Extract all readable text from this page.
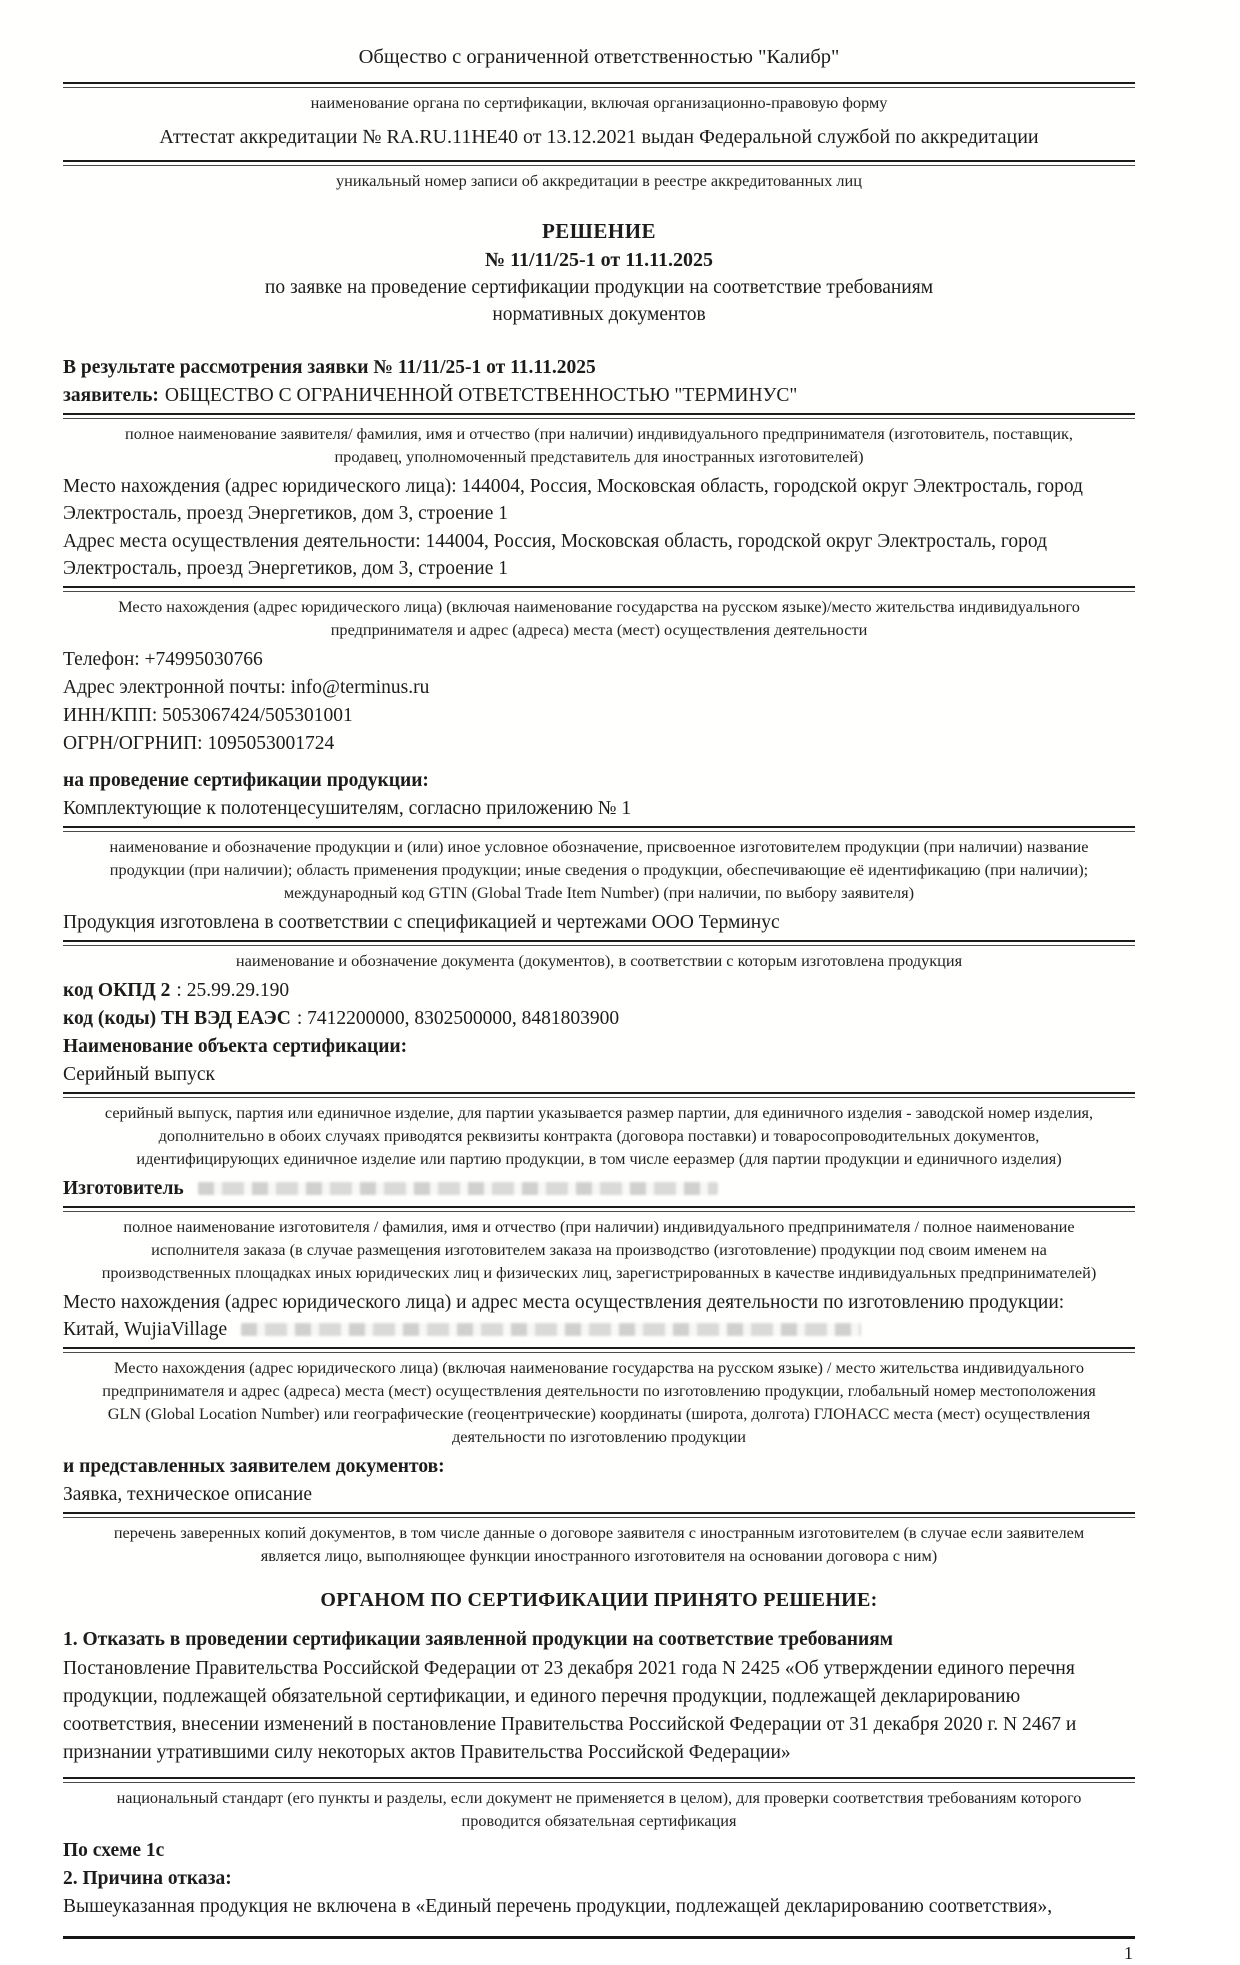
Общество с ограниченной ответственностью "Калибр"

наименование органа по сертификации, включая организационно-правовую форму

Аттестат аккредитации № RA.RU.11НЕ40 от 13.12.2021 выдан Федеральной службой по аккредитации

уникальный номер записи об аккредитации в реестре аккредитованных лиц

РЕШЕНИЕ

№ 11/11/25-1 от 11.11.2025

по заявке на проведение сертификации продукции на соответствие требованиям

нормативных документов

В результате рассмотрения заявки № 11/11/25-1 от 11.11.2025

заявитель: ОБЩЕСТВО С ОГРАНИЧЕННОЙ ОТВЕТСТВЕННОСТЬЮ "ТЕРМИНУС"

полное наименование заявителя/ фамилия, имя и отчество (при наличии) индивидуального предпринимателя (изготовитель, поставщик, продавец, уполномоченный представитель для иностранных изготовителей)

Место нахождения (адрес юридического лица): 144004, Россия, Московская область, городской округ Электросталь, город Электросталь, проезд Энергетиков, дом 3, строение 1

Адрес места осуществления деятельности: 144004, Россия, Московская область, городской округ Электросталь, город Электросталь, проезд Энергетиков, дом 3, строение 1

Место нахождения (адрес юридического лица) (включая наименование государства на русском языке)/место жительства индивидуального предпринимателя и адрес (адреса) места (мест) осуществления деятельности

Телефон: +74995030766

Адрес электронной почты: info@terminus.ru

ИНН/КПП: 5053067424/505301001

ОГРН/ОГРНИП: 1095053001724

на проведение сертификации продукции:

Комплектующие к полотенцесушителям, согласно приложению № 1

наименование и обозначение продукции и (или) иное условное обозначение, присвоенное изготовителем продукции (при наличии) название продукции (при наличии); область применения продукции; иные сведения о продукции, обеспечивающие её идентификацию (при наличии); международный код GTIN (Global Trade Item Number) (при наличии, по выбору заявителя)

Продукция изготовлена в соответствии с спецификацией и чертежами ООО Терминус

наименование и обозначение документа (документов), в соответствии с которым изготовлена продукция

код ОКПД 2 : 25.99.29.190

код (коды) ТН ВЭД ЕАЭС : 7412200000, 8302500000, 8481803900

Наименование объекта сертификации:

Серийный выпуск

серийный выпуск, партия или единичное изделие, для партии указывается размер партии, для единичного изделия - заводской номер изделия, дополнительно в обоих случаях приводятся реквизиты контракта (договора поставки) и товаросопроводительных документов, идентифицирующих единичное изделие или партию продукции, в том числе ееразмер (для партии продукции и единичного изделия)
Изготовитель
полное наименование изготовителя / фамилия, имя и отчество (при наличии) индивидуального предпринимателя / полное наименование исполнителя заказа (в случае размещения изготовителем заказа на производство (изготовление) продукции под своим именем на производственных площадках иных юридических лиц и физических лиц, зарегистрированных в качестве индивидуальных предпринимателей)

Место нахождения (адрес юридического лица) и адрес места осуществления деятельности по изготовлению продукции:

Китай, WujiaVillage
Место нахождения (адрес юридического лица) (включая наименование государства на русском языке) / место жительства индивидуального предпринимателя и адрес (адреса) места (мест) осуществления деятельности по изготовлению продукции, глобальный номер местоположения GLN (Global Location Number) или географические (геоцентрические) координаты (широта, долгота) ГЛОНАСС места (мест) осуществления деятельности по изготовлению продукции

и представленных заявителем документов:

Заявка, техническое описание

перечень заверенных копий документов, в том числе данные о договоре заявителя с иностранным изготовителем (в случае если заявителем является лицо, выполняющее функции иностранного изготовителя на основании договора с ним)

ОРГАНОМ ПО СЕРТИФИКАЦИИ ПРИНЯТО РЕШЕНИЕ:

1. Отказать в проведении сертификации заявленной продукции на соответствие требованиям

Постановление Правительства Российской Федерации от 23 декабря 2021 года N 2425 «Об утверждении единого перечня продукции, подлежащей обязательной сертификации, и единого перечня продукции, подлежащей декларированию соответствия, внесении изменений в постановление Правительства Российской Федерации от 31 декабря 2020 г. N 2467 и признании утратившими силу некоторых актов Правительства Российской Федерации»

национальный стандарт (его пункты и разделы, если документ не применяется в целом), для проверки соответствия требованиям которого проводится обязательная сертификация

По схеме 1с

2. Причина отказа:

Вышеуказанная продукция не включена в «Единый перечень продукции, подлежащей декларированию соответствия»,

1
